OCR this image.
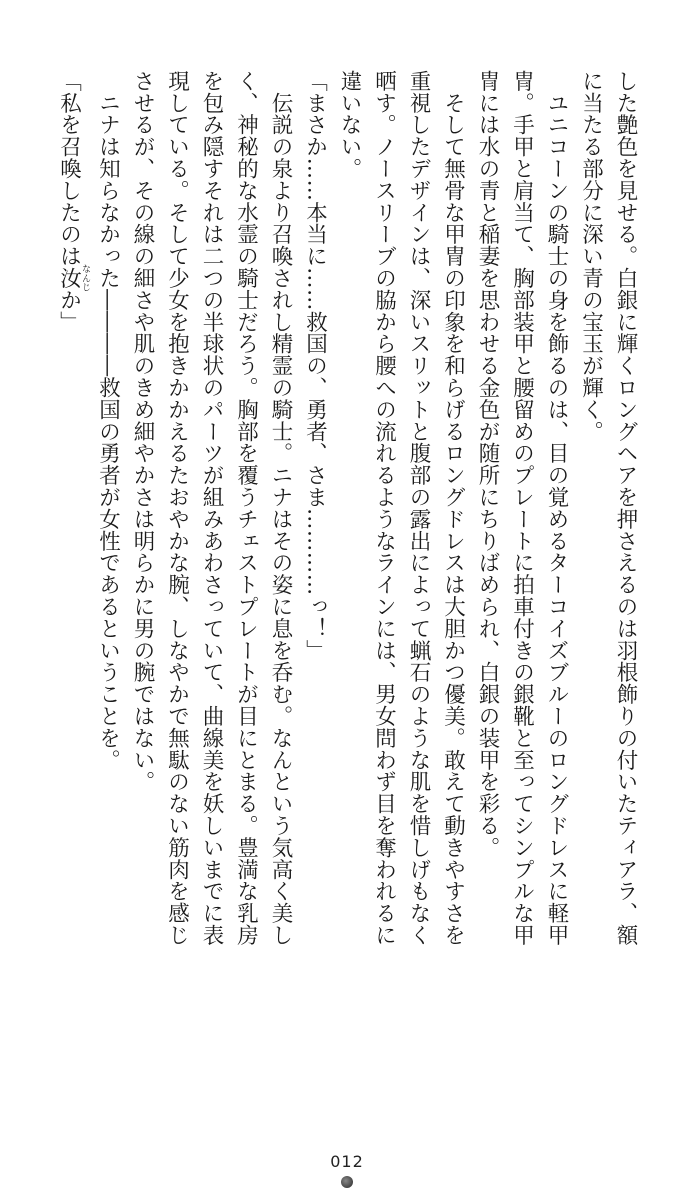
した艶色を見せる。白銀に輝くロングヘアを押さえるのは羽根飾りの付いたティアラ、額
に当たる部分に深い青の宝玉が輝く。
　ユニコーンの騎士の身を飾るのは、目の覚めるターコイズブルーのロングドレスに軽甲
冑。手甲と肩当て、胸部装甲と腰留めのプレートに拍車付きの銀靴と至ってシンプルな甲
冑には水の青と稲妻を思わせる金色が随所にちりばめられ、白銀の装甲を彩る。
　そして無骨な甲冑の印象を和らげるロングドレスは大胆かつ優美。敢えて動きやすさを
重視したデザインは、深いスリットと腹部の露出によって蝋石のような肌を惜しげもなく
晒す。ノースリーブの脇から腰への流れるようなラインには、男女問わず目を奪われるに
違いない。
「まさか……本当に……救国の、勇者、さま…………っ！」
　伝説の泉より召喚されし精霊の騎士。ニナはその姿に息を呑む。なんという気高く美し
く、神秘的な水霊の騎士だろう。胸部を覆うチェストプレートが目にとまる。豊満な乳房
を包み隠すそれは二つの半球状のパーツが組みあわさっていて、曲線美を妖しいまでに表
現している。そして少女を抱きかかえるたおやかな腕、しなやかで無駄のない筋肉を感じ
させるが、その線の細さや肌のきめ細やかさは明らかに男の腕ではない。
　ニナは知らなかった――――救国の勇者が女性であるということを。
「私を召喚したのは汝なんじか」
012
